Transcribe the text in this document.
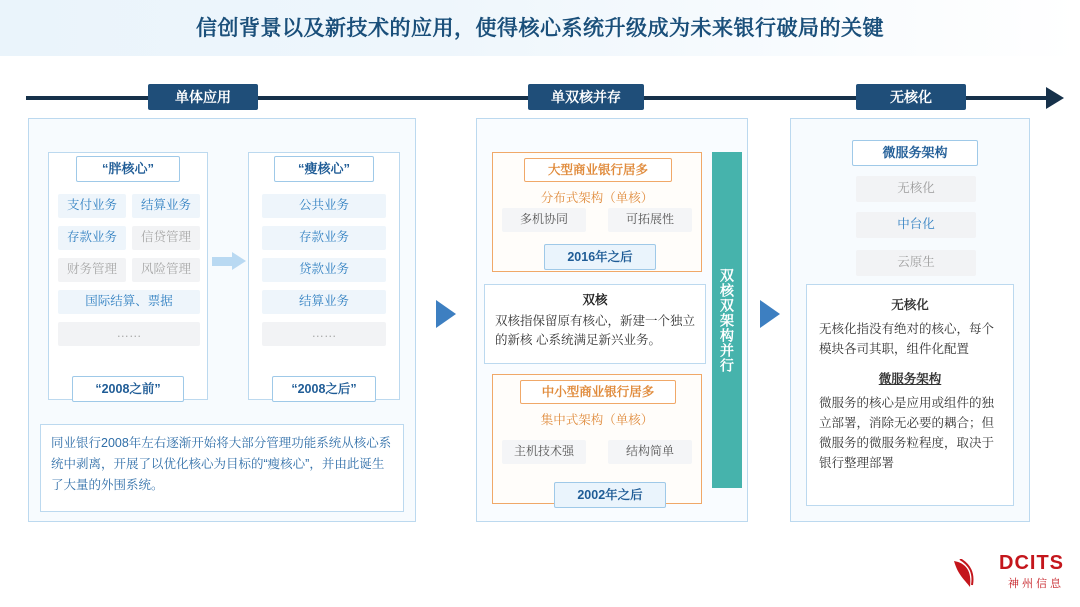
信创背景以及新技术的应用，使得核心系统升级成为未来银行破局的关键
单体应用	单双核并存	无核化
“胖核心”	“瘦核心”
支付业务	结算业务
存款业务	信贷管理
财务管理	风险管理
国际结算、票据
……
公共业务
存款业务
贷款业务
结算业务
……
“2008之前”	“2008之后”
同业银行2008年左右逐渐开始将大部分管理功能系统从核心系统中剥离，开展了以优化核心为目标的“瘦核心”，并由此诞生了大量的外围系统。
大型商业银行居多
分布式架构（单核）
多机协同	可拓展性
2016年之后
双核
双核指保留原有核心，新建一个独立的新核 心系统满足新兴业务。
中小型商业银行居多
集中式架构（单核）
主机技术强	结构简单
2002年之后
双核双架构并行
微服务架构
无核化
中台化
云原生
无核化
无核化指没有绝对的核心，每个模块各司其职，组件化配置
微服务架构
微服务的核心是应用或组件的独立部署，消除无必要的耦合；但微服务的微服务粒程度，取决于银行整理部署
DCITS
神州信息
